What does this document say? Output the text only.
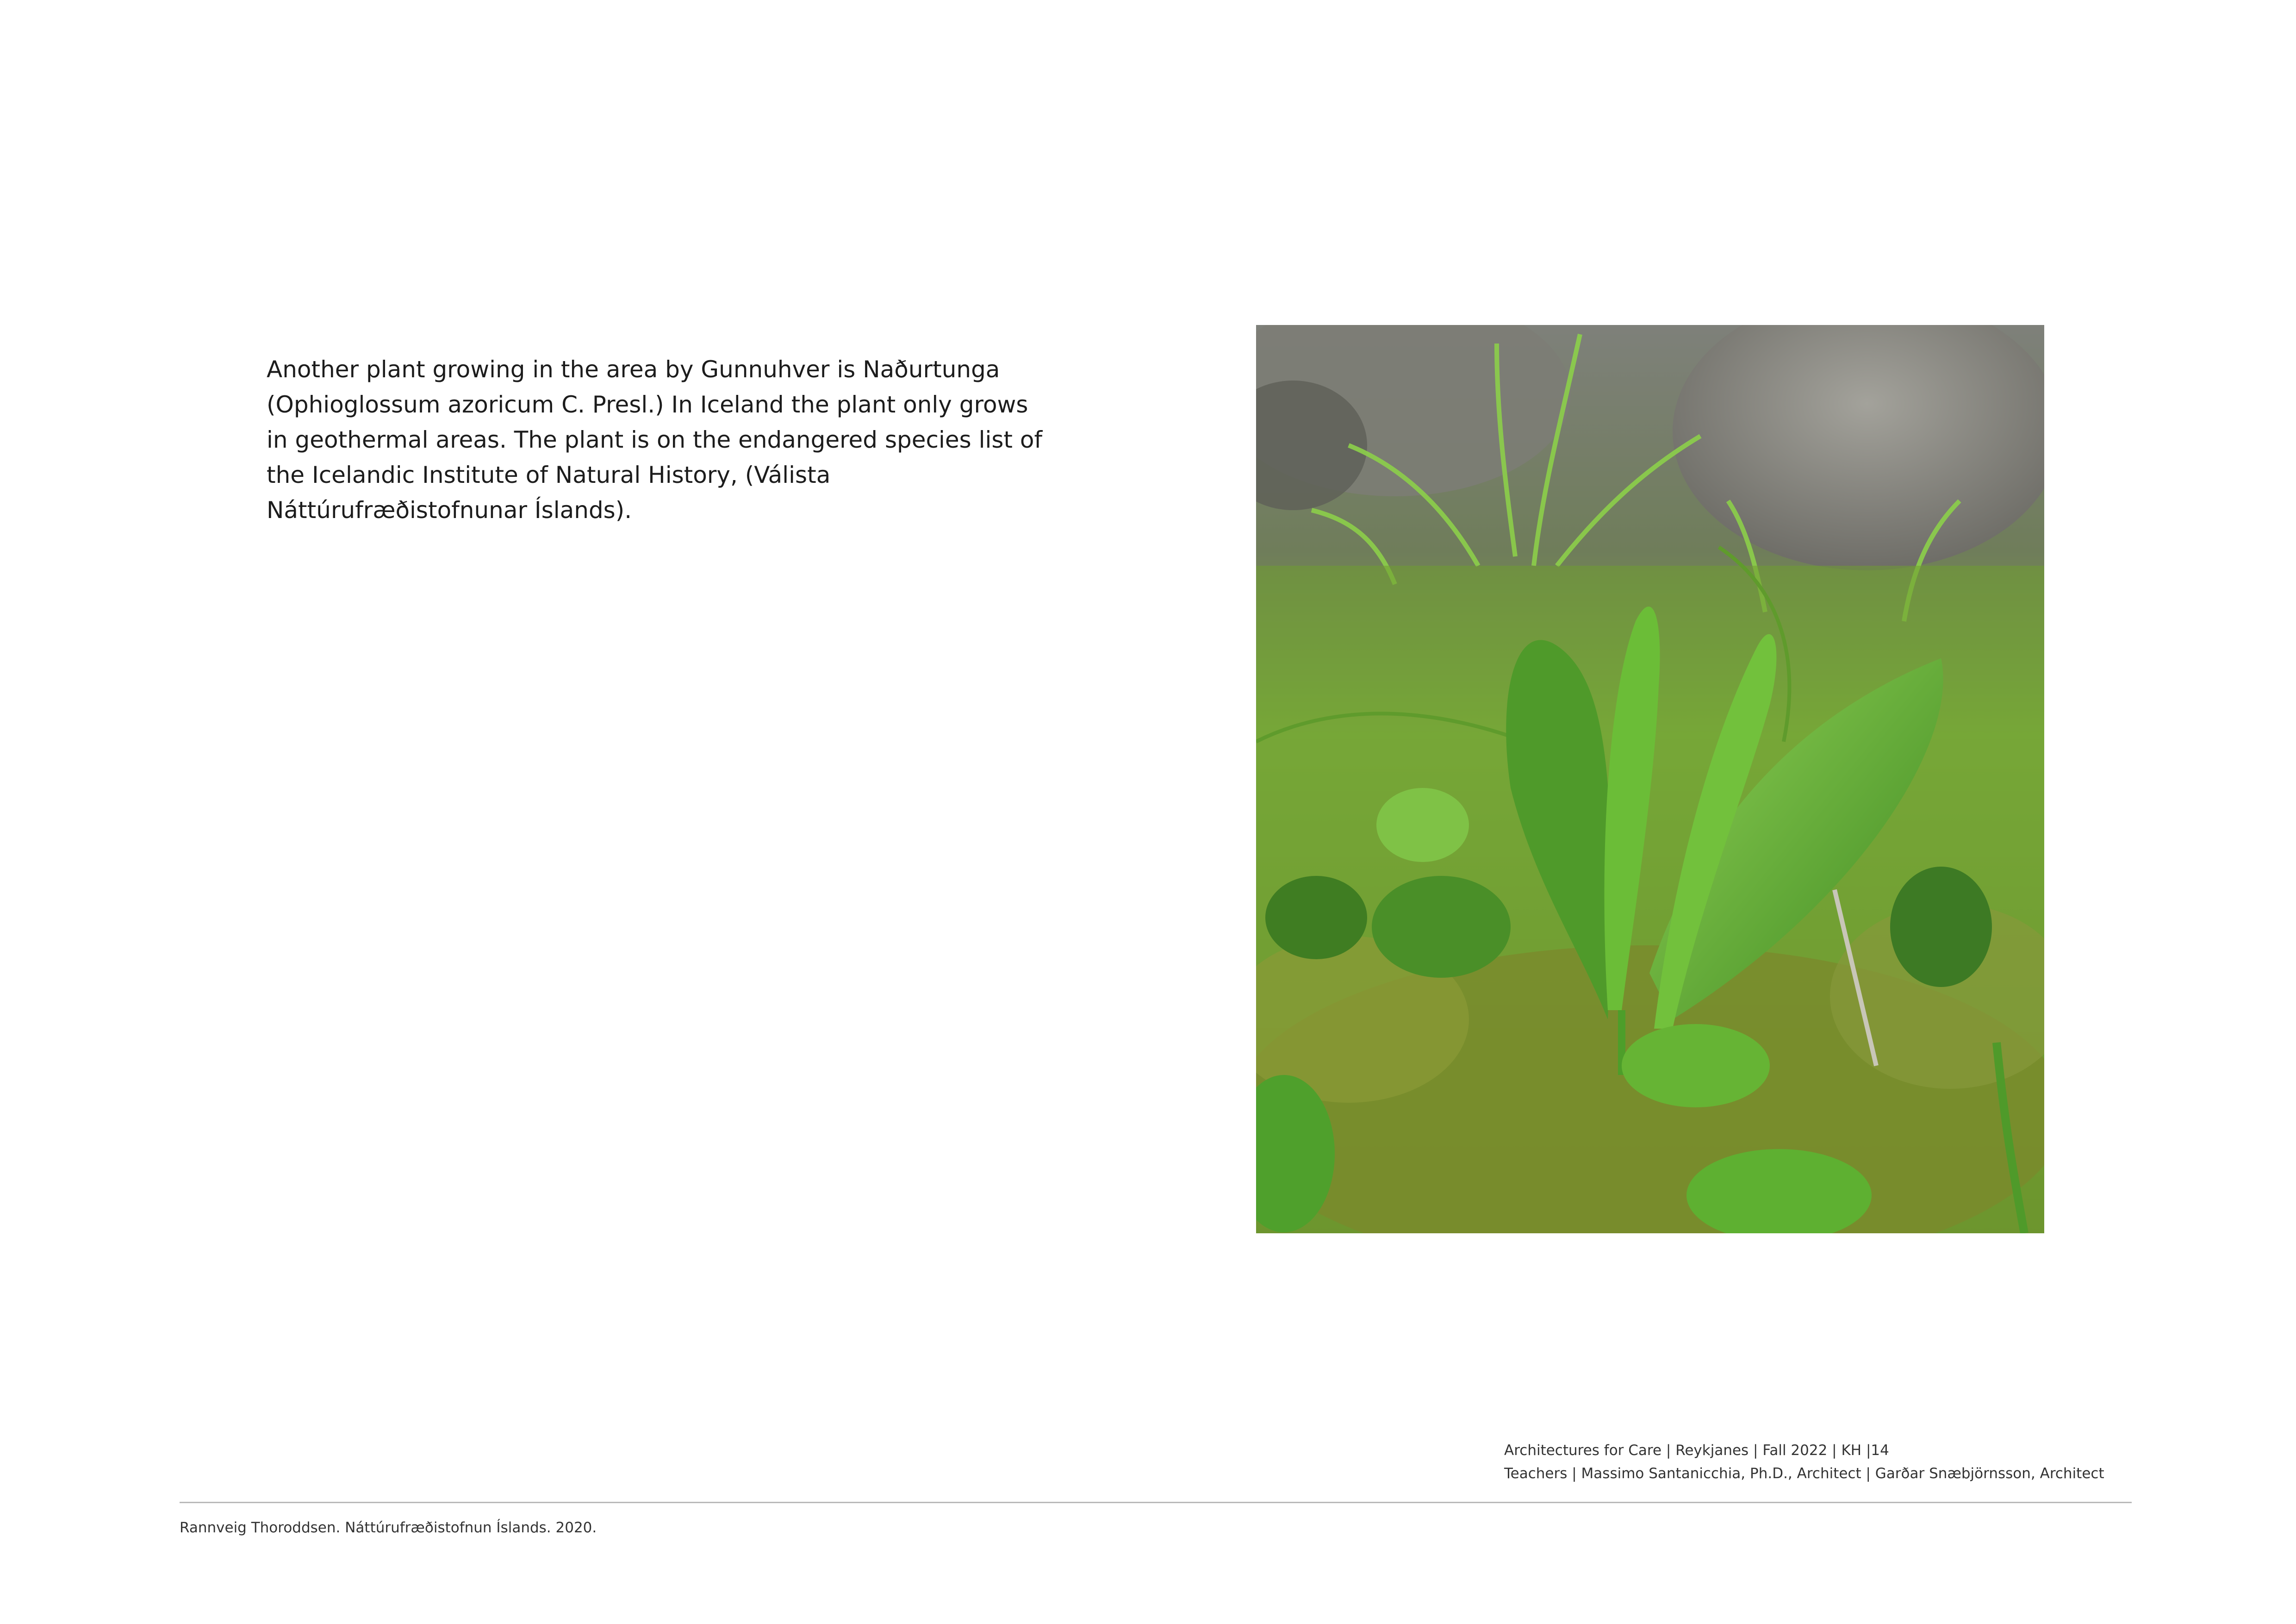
Another plant growing in the area by Gunnuhver is Naðurtunga (Ophioglossum azoricum C. Presl.) In Iceland the plant only grows in geothermal areas. The plant is on the endangered species list of the Icelandic Institute of Natural History, (Válista Náttúrufræðistofnunar Íslands).

Architectures for Care | Reykjanes | Fall 2022 | KH |14
Teachers | Massimo Santanicchia, Ph.D., Architect | Garðar Snæbjörnsson, Architect
Rannveig Thoroddsen. Náttúrufræðistofnun Íslands. 2020.
